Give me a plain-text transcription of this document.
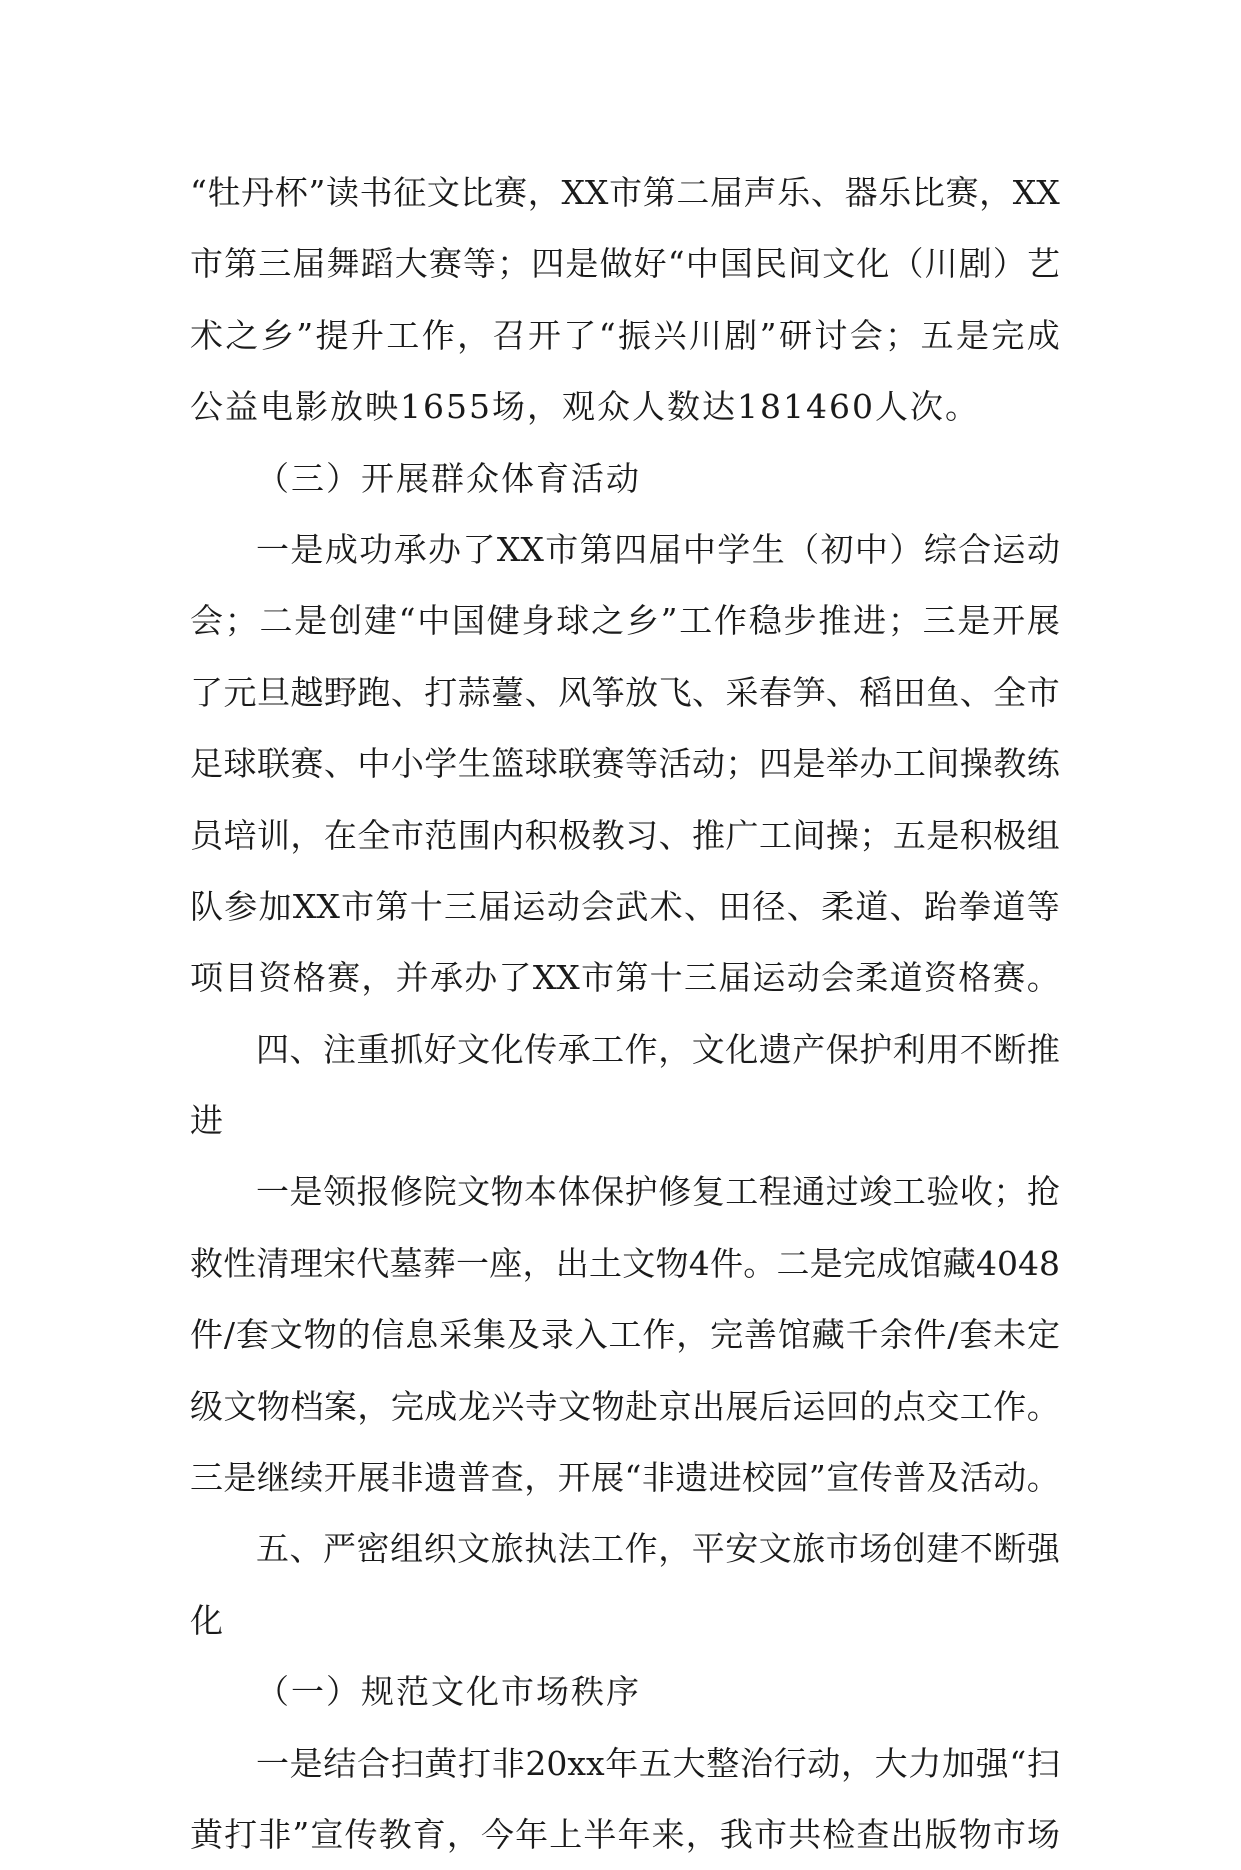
“ 牡 丹 杯 ” 读 书 征 文 比 赛 ， XX 市 第 二 届 声 乐 、 器 乐 比 赛 ， XX
市 第 三 届 舞 蹈 大 赛 等 ； 四 是 做 好 “ 中 国 民 间 文 化 （ 川 剧 ） 艺
术 之 乡 ” 提 升 工 作 ， 召 开 了 “ 振 兴 川 剧 ” 研 讨 会 ； 五 是 完 成
公益电影放映1655场，观众人数达181460人次。
（三）开展群众体育活动
一 是 成 功 承 办 了 XX 市 第 四 届 中 学 生 （ 初 中 ） 综 合 运 动
会 ； 二 是 创 建 “ 中 国 健 身 球 之 乡 ” 工 作 稳 步 推 进 ； 三 是 开 展
了 元 旦 越 野 跑 、 打 蒜 薹 、 风 筝 放 飞 、 采 春 笋 、 稻 田 鱼 、 全 市
足 球 联 赛 、 中 小 学 生 篮 球 联 赛 等 活 动 ； 四 是 举 办 工 间 操 教 练
员 培 训 ， 在 全 市 范 围 内 积 极 教 习 、 推 广 工 间 操 ； 五 是 积 极 组
队 参 加 XX 市 第 十 三 届 运 动 会 武 术 、 田 径 、 柔 道 、 跆 拳 道 等
项 目 资 格 赛 ， 并 承 办 了 XX 市 第 十 三 届 运 动 会 柔 道 资 格 赛 。
四 、 注 重 抓 好 文 化 传 承 工 作 ， 文 化 遗 产 保 护 利 用 不 断 推
进
一 是 领 报 修 院 文 物 本 体 保 护 修 复 工 程 通 过 竣 工 验 收 ； 抢
救 性 清 理 宋 代 墓 葬 一 座 ， 出 土 文 物 4 件 。 二 是 完 成 馆 藏 4048
件 / 套 文 物 的 信 息 采 集 及 录 入 工 作 ， 完 善 馆 藏 千 余 件 / 套 未 定
级 文 物 档 案 ， 完 成 龙 兴 寺 文 物 赴 京 出 展 后 运 回 的 点 交 工 作 。
三 是 继 续 开 展 非 遗 普 查 ， 开 展 “ 非 遗 进 校 园 ” 宣 传 普 及 活 动 。
五 、 严 密 组 织 文 旅 执 法 工 作 ， 平 安 文 旅 市 场 创 建 不 断 强
化
（一）规范文化市场秩序
一 是 结 合 扫 黄 打 非 20xx 年 五 大 整 治 行 动 ， 大 力 加 强 “ 扫
黄 打 非 ” 宣 传 教 育 ， 今 年 上 半 年 来 ， 我 市 共 检 查 出 版 物 市 场
